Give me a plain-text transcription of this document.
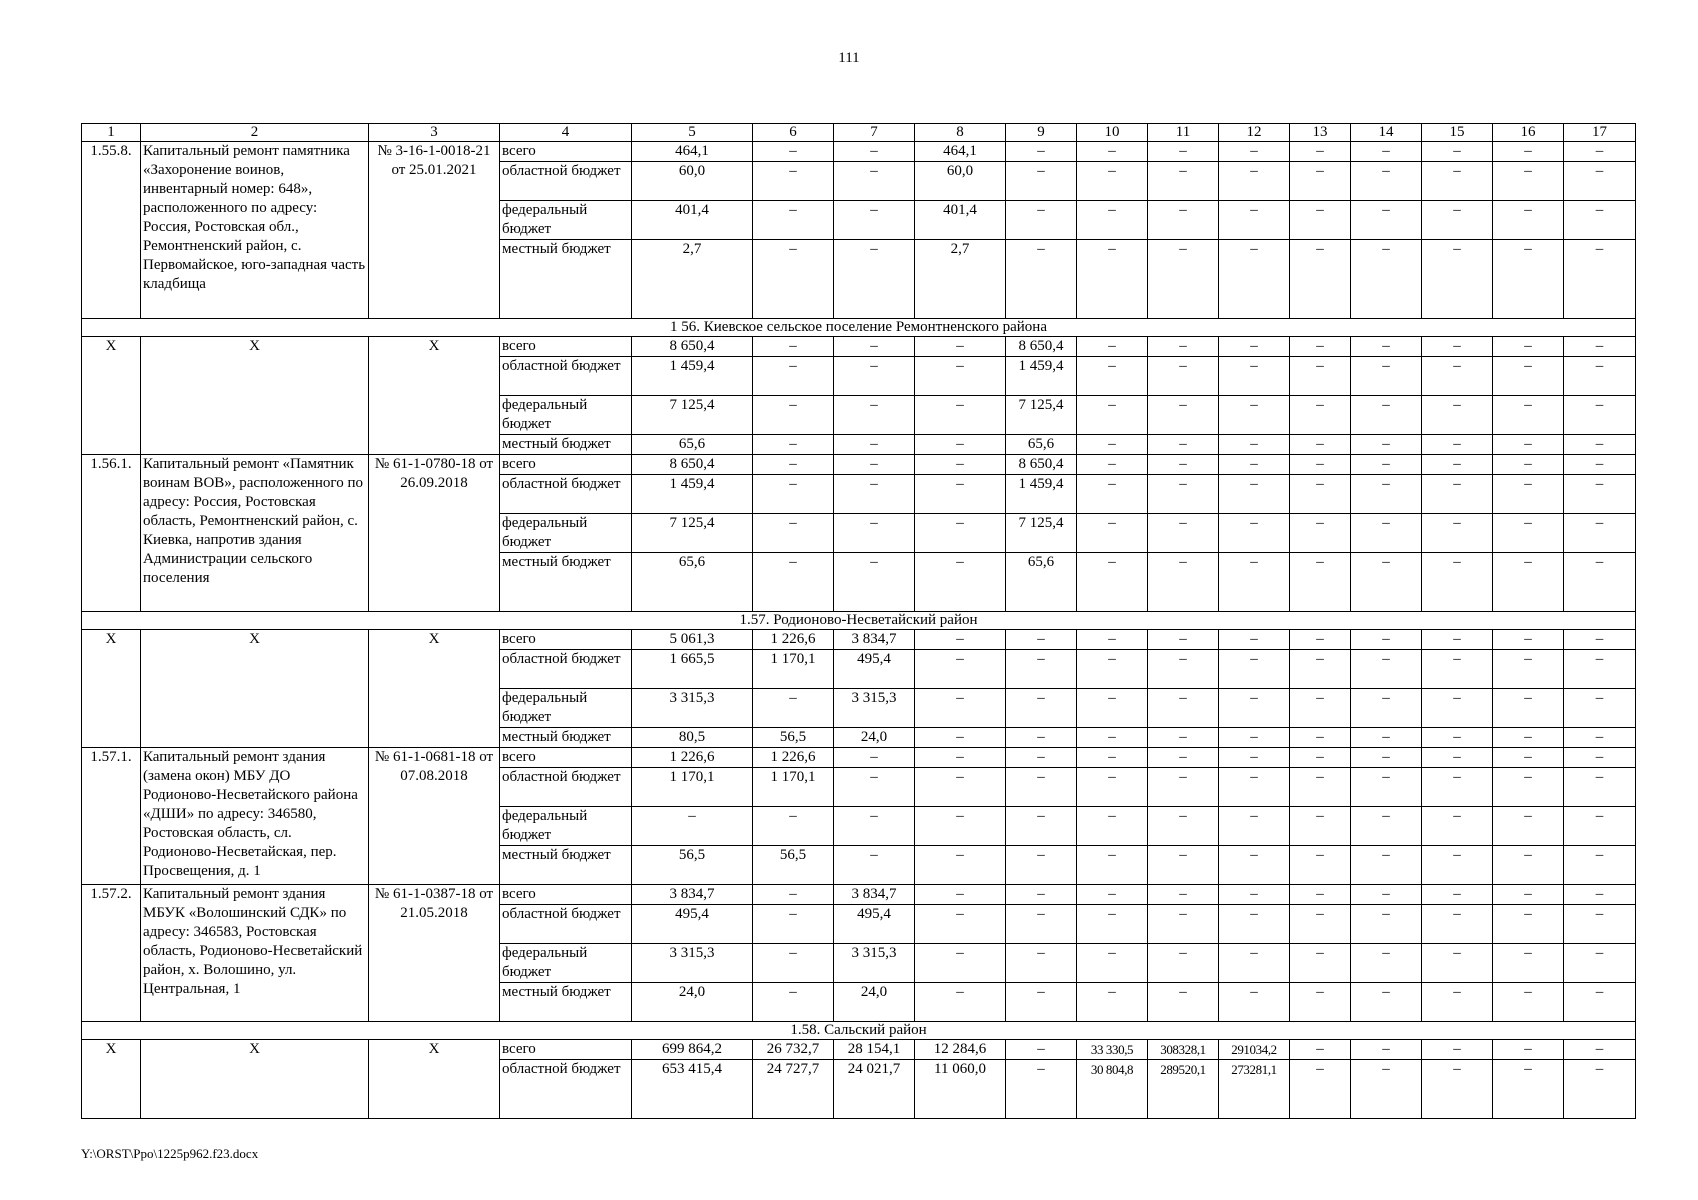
111
1	2	3	4	5	6	7	8	9	10	11	12	13	14	15	16	17
1.55.8.	Капитальный ремонт памятника «Захоронение воинов, инвентарный номер: 648», расположенного по адресу: Россия, Ростовская обл., Ремонтненский район, с. Первомайское, юго-западная часть кладбища	№ 3-16-1-0018-21 от 25.01.2021	всего	464,1	–	–	464,1	–	–	–	–	–	–	–	–	–
			областной бюджет	60,0	–	–	60,0	–	–	–	–	–	–	–	–	–
			федеральный бюджет	401,4	–	–	401,4	–	–	–	–	–	–	–	–	–
			местный бюджет	2,7	–	–	2,7	–	–	–	–	–	–	–	–	–
1 56. Киевское сельское поселение Ремонтненского района																
X	X	X	всего	8 650,4	–	–	–	8 650,4	–	–	–	–	–	–	–	–
			областной бюджет	1 459,4	–	–	–	1 459,4	–	–	–	–	–	–	–	–
			федеральный бюджет	7 125,4	–	–	–	7 125,4	–	–	–	–	–	–	–	–
			местный бюджет	65,6	–	–	–	65,6	–	–	–	–	–	–	–	–
1.56.1.	Капитальный ремонт «Памятник воинам ВОВ», расположенного по адресу: Россия, Ростовская область, Ремонтненский район, с. Киевка, напротив здания Администрации сельского поселения	№ 61-1-0780-18 от 26.09.2018	всего	8 650,4	–	–	–	8 650,4	–	–	–	–	–	–	–	–
			областной бюджет	1 459,4	–	–	–	1 459,4	–	–	–	–	–	–	–	–
			федеральный бюджет	7 125,4	–	–	–	7 125,4	–	–	–	–	–	–	–	–
			местный бюджет	65,6	–	–	–	65,6	–	–	–	–	–	–	–	–
1.57. Родионово-Несветайский район																
X	X	X	всего	5 061,3	1 226,6	3 834,7	–	–	–	–	–	–	–	–	–	–
			областной бюджет	1 665,5	1 170,1	495,4	–	–	–	–	–	–	–	–	–	–
			федеральный бюджет	3 315,3	–	3 315,3	–	–	–	–	–	–	–	–	–	–
			местный бюджет	80,5	56,5	24,0	–	–	–	–	–	–	–	–	–	–
1.57.1.	Капитальный ремонт здания (замена окон) МБУ ДО Родионово-Несветайского района «ДШИ» по адресу: 346580, Ростовская область, сл. Родионово-Несветайская, пер. Просвещения, д. 1	№ 61-1-0681-18 от 07.08.2018	всего	1 226,6	1 226,6	–	–	–	–	–	–	–	–	–	–	–
			областной бюджет	1 170,1	1 170,1	–	–	–	–	–	–	–	–	–	–	–
			федеральный бюджет	–	–	–	–	–	–	–	–	–	–	–	–	–
			местный бюджет	56,5	56,5	–	–	–	–	–	–	–	–	–	–	–
1.57.2.	Капитальный ремонт здания МБУК «Волошинский СДК» по адресу: 346583, Ростовская область, Родионово-Несветайский район, х. Волошино, ул. Центральная, 1	№ 61-1-0387-18 от 21.05.2018	всего	3 834,7	–	3 834,7	–	–	–	–	–	–	–	–	–	–
			областной бюджет	495,4	–	495,4	–	–	–	–	–	–	–	–	–	–
			федеральный бюджет	3 315,3	–	3 315,3	–	–	–	–	–	–	–	–	–	–
			местный бюджет	24,0	–	24,0	–	–	–	–	–	–	–	–	–	–
1.58. Сальский район																
X	X	X	всего	699 864,2	26 732,7	28 154,1	12 284,6	–	33 330,5	308328,1	291034,2	–	–	–	–	–
			областной бюджет	653 415,4	24 727,7	24 021,7	11 060,0	–	30 804,8	289520,1	273281,1	–	–	–	–	–
Y:\ORST\Ppo\1225p962.f23.docx
